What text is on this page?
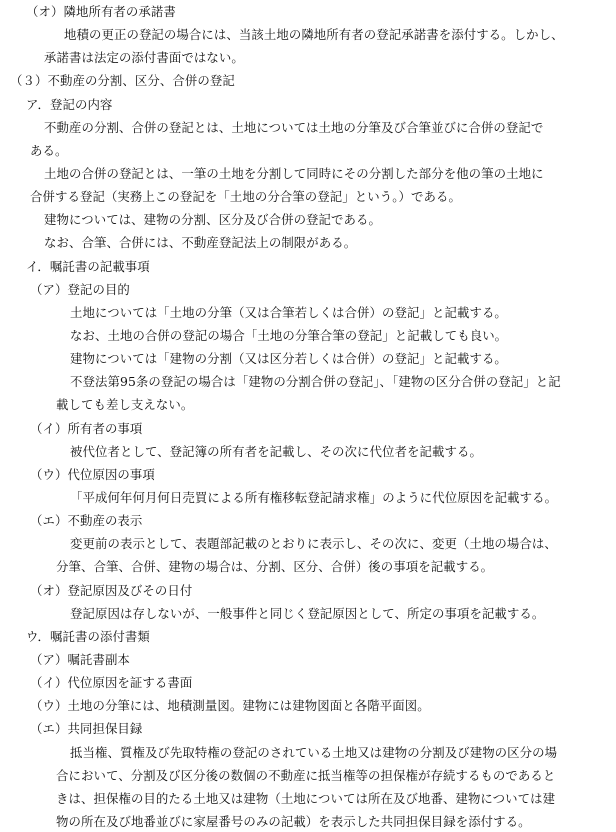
（オ）隣地所有者の承諾書
地積の更正の登記の場合には、当該土地の隣地所有者の登記承諾書を添付する。しかし、
承諾書は法定の添付書面ではない。
（３）不動産の分割、区分、合併の登記
ア．登記の内容
不動産の分割、合併の登記とは、土地については土地の分筆及び合筆並びに合併の登記で
ある。
土地の合併の登記とは、一筆の土地を分割して同時にその分割した部分を他の筆の土地に
合併する登記（実務上この登記を「土地の分合筆の登記」という。）である。
建物については、建物の分割、区分及び合併の登記である。
なお、合筆、合併には、不動産登記法上の制限がある。
イ．嘱託書の記載事項
（ア）登記の目的
土地については「土地の分筆（又は合筆若しくは合併）の登記」と記載する。
なお、土地の合併の登記の場合「土地の分筆合筆の登記」と記載しても良い。
建物については「建物の分割（又は区分若しくは合併）の登記」と記載する。
不登法第95条の登記の場合は「建物の分割合併の登記」、「建物の区分合併の登記」と記
載しても差し支えない。
（イ）所有者の事項
被代位者として、登記簿の所有者を記載し、その次に代位者を記載する。
（ウ）代位原因の事項
「平成何年何月何日売買による所有権移転登記請求権」のように代位原因を記載する。
（エ）不動産の表示
変更前の表示として、表題部記載のとおりに表示し、その次に、変更（土地の場合は、
分筆、合筆、合併、建物の場合は、分割、区分、合併）後の事項を記載する。
（オ）登記原因及びその日付
登記原因は存しないが、一般事件と同じく登記原因として、所定の事項を記載する。
ウ．嘱託書の添付書類
（ア）嘱託書副本
（イ）代位原因を証する書面
（ウ）土地の分筆には、地積測量図。建物には建物図面と各階平面図。
（エ）共同担保目録
抵当権、質権及び先取特権の登記のされている土地又は建物の分割及び建物の区分の場
合において、分割及び区分後の数個の不動産に抵当権等の担保権が存続するものであると
きは、担保権の目的たる土地又は建物（土地については所在及び地番、建物については建
物の所在及び地番並びに家屋番号のみの記載）を表示した共同担保目録を添付する。
